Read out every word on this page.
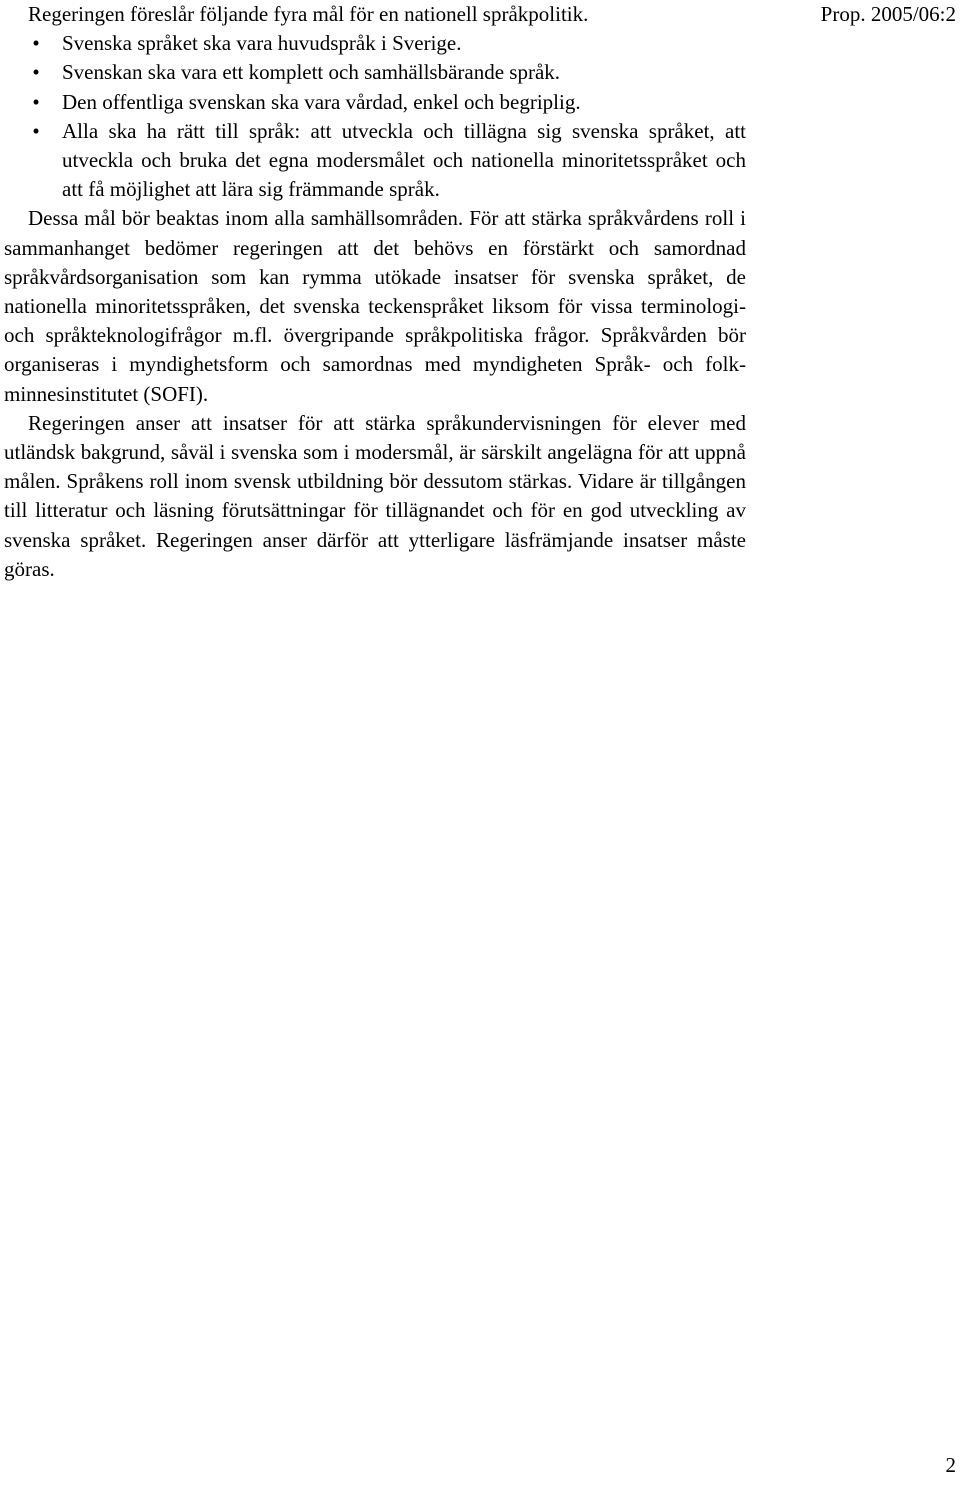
Prop. 2005/06:2

Regeringen föreslår följande fyra mål för en nationell språkpolitik.

•	Svenska språket ska vara huvudspråk i Sverige.
•	Svenskan ska vara ett komplett och samhällsbärande språk.
•	Den offentliga svenskan ska vara vårdad, enkel och begriplig.
•	Alla ska ha rätt till språk: att utveckla och tillägna sig svenska språket, att utveckla och bruka det egna modersmålet och nationella minoritetsspråket och att få möjlighet att lära sig främmande språk.

Dessa mål bör beaktas inom alla samhällsområden. För att stärka språkvårdens roll i sammanhanget bedömer regeringen att det behövs en förstärkt och samordnad språkvårdsorganisation som kan rymma utökade insatser för svenska språket, de nationella minoritetsspråken, det svenska teckenspråket liksom för vissa terminologi- och språkteknologifrågor m.fl. övergripande språkpolitiska frågor. Språkvården bör organiseras i myndighetsform och samordnas med myndigheten Språk- och folkminnesinstitutet (SOFI).

Regeringen anser att insatser för att stärka språkundervisningen för elever med utländsk bakgrund, såväl i svenska som i modersmål, är särskilt angelägna för att uppnå målen. Språkens roll inom svensk utbildning bör dessutom stärkas. Vidare är tillgången till litteratur och läsning förutsättningar för tillägnandet och för en god utveckling av svenska språket. Regeringen anser därför att ytterligare läsfrämjande insatser måste göras.

2
